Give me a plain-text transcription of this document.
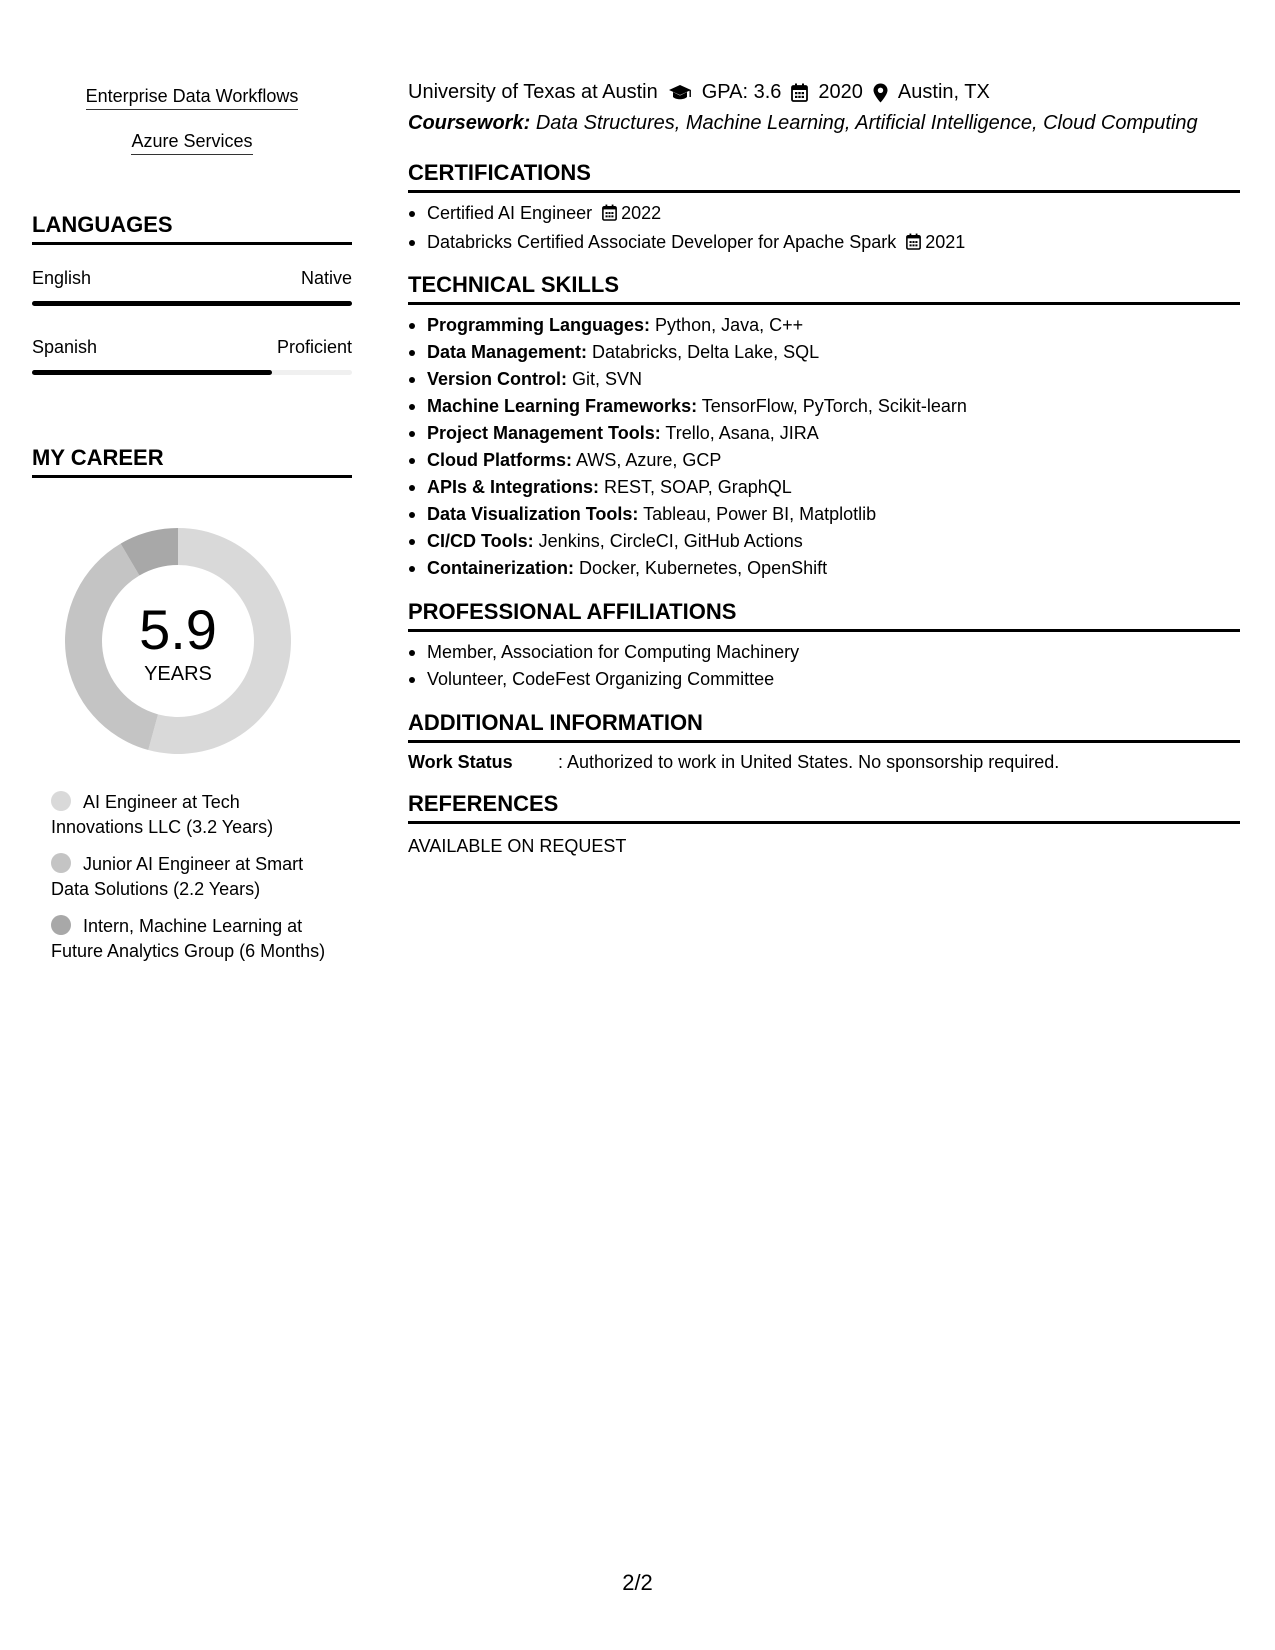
Enterprise Data Workflows
Azure Services
LANGUAGES
English	Native
Spanish	Proficient
MY CAREER
5.9
YEARS
AI Engineer at Tech Innovations LLC (3.2 Years)
Junior AI Engineer at Smart Data Solutions (2.2 Years)
Intern, Machine Learning at Future Analytics Group (6 Months)
University of Texas at Austin GPA: 3.6 2020 Austin, TX
Coursework: Data Structures, Machine Learning, Artificial Intelligence, Cloud Computing
CERTIFICATIONS
Certified AI Engineer 2022
Databricks Certified Associate Developer for Apache Spark 2021
TECHNICAL SKILLS
Programming Languages: Python, Java, C++
Data Management: Databricks, Delta Lake, SQL
Version Control: Git, SVN
Machine Learning Frameworks: TensorFlow, PyTorch, Scikit-learn
Project Management Tools: Trello, Asana, JIRA
Cloud Platforms: AWS, Azure, GCP
APIs & Integrations: REST, SOAP, GraphQL
Data Visualization Tools: Tableau, Power BI, Matplotlib
CI/CD Tools: Jenkins, CircleCI, GitHub Actions
Containerization: Docker, Kubernetes, OpenShift
PROFESSIONAL AFFILIATIONS
Member, Association for Computing Machinery
Volunteer, CodeFest Organizing Committee
ADDITIONAL INFORMATION
Work Status	: Authorized to work in United States. No sponsorship required.
REFERENCES
AVAILABLE ON REQUEST
2/2
